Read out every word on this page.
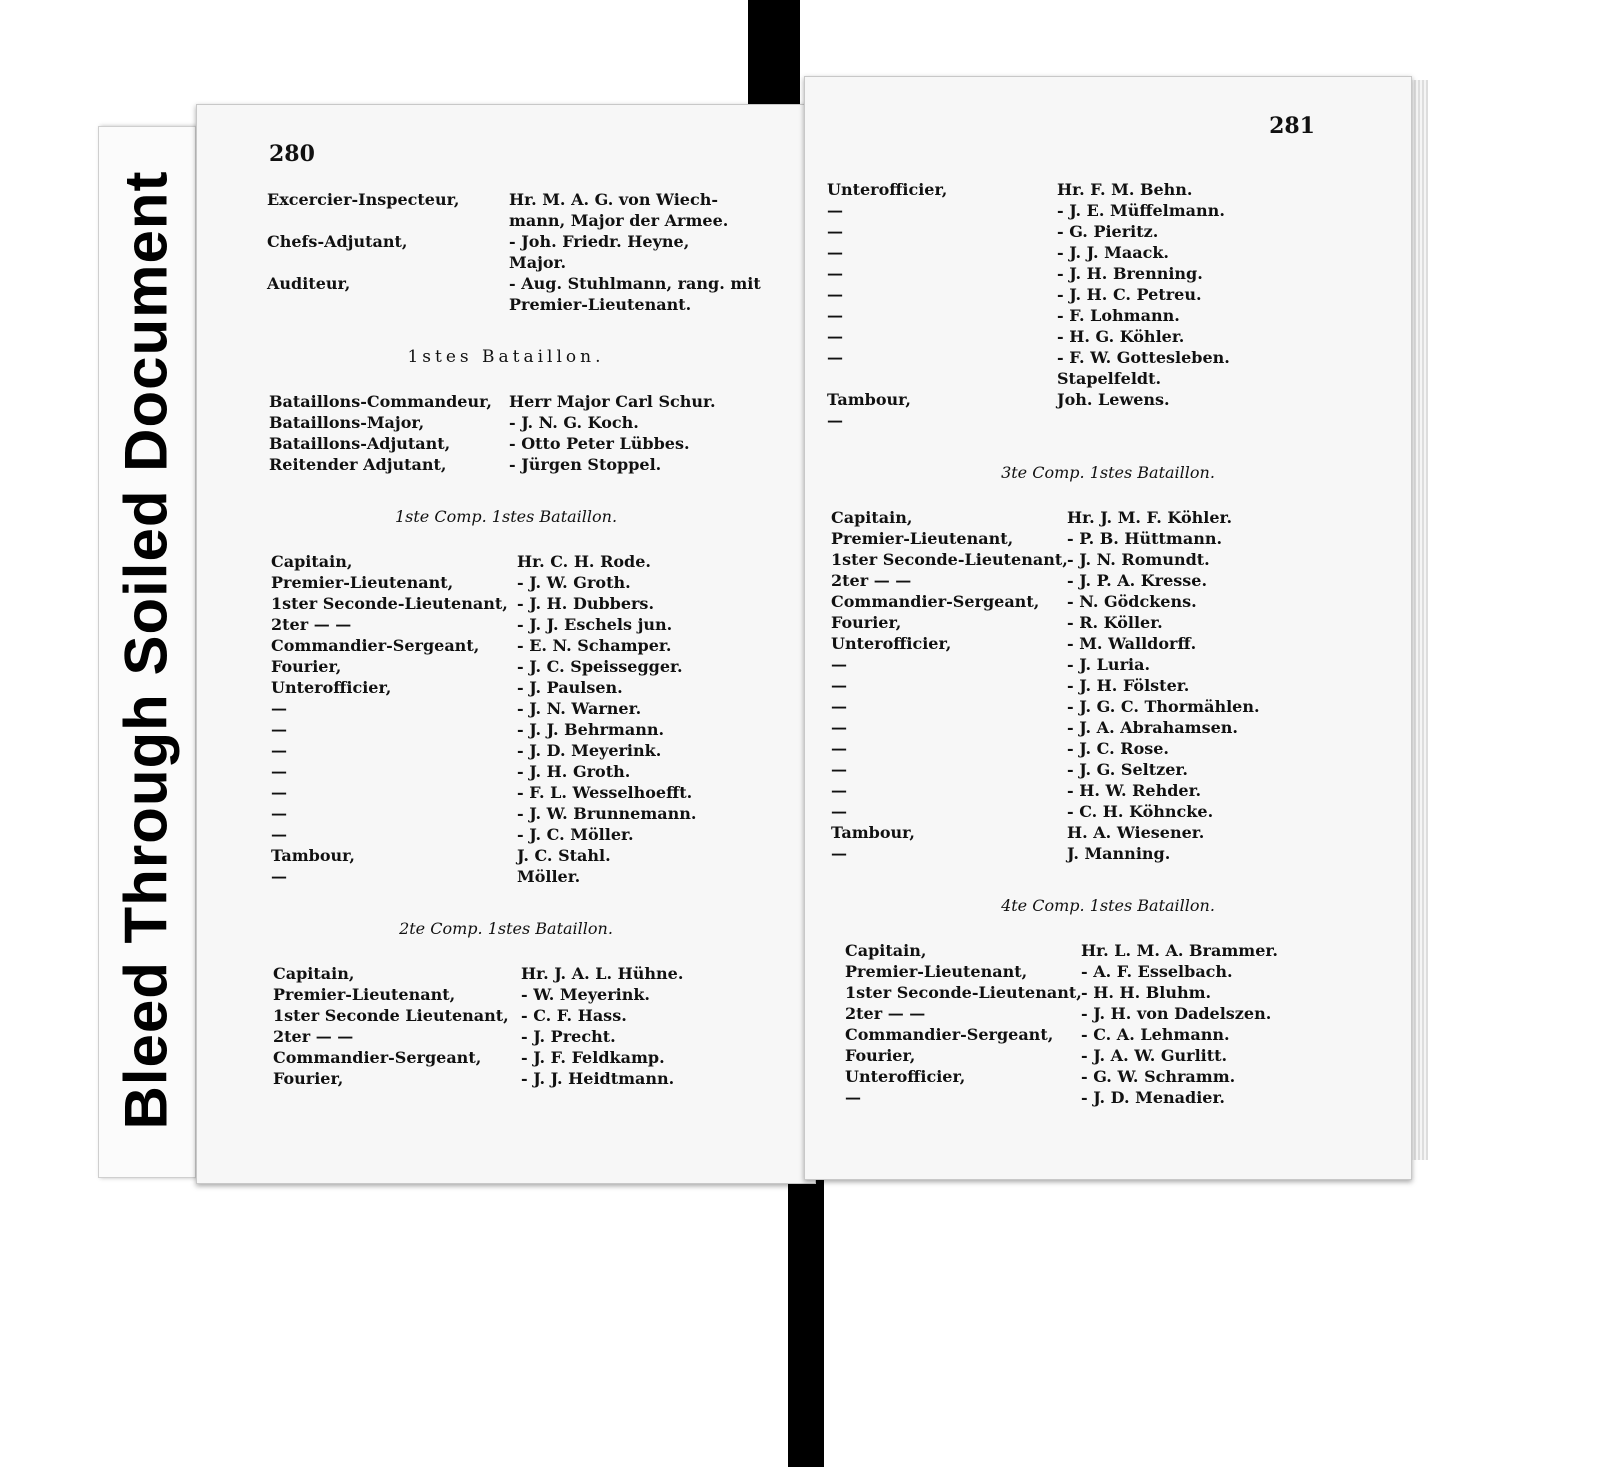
Bleed Through Soiled Document
280
Excercier-Inspecteur,	Hr. M. A. G. von Wiech-
mann, Major der Armee.
Chefs-Adjutant,	- Joh. Friedr. Heyne,
Major.
Auditeur,	- Aug. Stuhlmann, rang. mit
Premier-Lieutenant.
1stes Bataillon.
Bataillons-Commandeur, Herr Major Carl Schur.
Bataillons-Major,	- J. N. G. Koch.
Bataillons-Adjutant,	- Otto Peter Lübbes.
Reitender Adjutant,	- Jürgen Stoppel.
1ste Comp. 1stes Bataillon.
Capitain,	Hr. C. H. Rode.
Premier-Lieutenant,	- J. W. Groth.
1ster Seconde-Lieutenant, - J. H. Dubbers.
2ter — —	- J. J. Eschels jun.
Commandier-Sergeant, - E. N. Schamper.
Fourier,	- J. C. Speissegger.
Unterofficier,	- J. Paulsen.
—	- J. N. Warner.
—	- J. J. Behrmann.
—	- J. D. Meyerink.
—	- J. H. Groth.
—	- F. L. Wesselhoefft.
—	- J. W. Brunnemann.
—	- J. C. Möller.
Tambour,	J. C. Stahl.
—	Möller.
2te Comp. 1stes Bataillon.
Capitain,	Hr. J. A. L. Hühne.
Premier-Lieutenant,	- W. Meyerink.
1ster Seconde Lieutenant, - C. F. Hass.
2ter — —	- J. Precht.
Commandier-Sergeant, - J. F. Feldkamp.
Fourier,	- J. J. Heidtmann.
281
Unterofficier,	Hr. F. M. Behn.
—	- J. E. Müffelmann.
—	- G. Pieritz.
—	- J. J. Maack.
—	- J. H. Brenning.
—	- J. H. C. Petreu.
—	- F. Lohmann.
—	- H. G. Köhler.
—	- F. W. Gottesleben.
Stapelfeldt.
Tambour,	Joh. Lewens.
—
3te Comp. 1stes Bataillon.
Capitain,	Hr. J. M. F. Köhler.
Premier-Lieutenant,	- P. B. Hüttmann.
1ster Seconde-Lieutenant, - J. N. Romundt.
2ter — —	- J. P. A. Kresse.
Commandier-Sergeant, - N. Gödckens.
Fourier,	- R. Köller.
Unterofficier,	- M. Walldorff.
—	- J. Luria.
—	- J. H. Fölster.
—	- J. G. C. Thormählen.
—	- J. A. Abrahamsen.
—	- J. C. Rose.
—	- J. G. Seltzer.
—	- H. W. Rehder.
—	- C. H. Köhncke.
Tambour,	H. A. Wiesener.
—	J. Manning.
4te Comp. 1stes Bataillon.
Capitain,	Hr. L. M. A. Brammer.
Premier-Lieutenant,	- A. F. Esselbach.
1ster Seconde-Lieutenant, - H. H. Bluhm.
2ter — —	- J. H. von Dadelszen.
Commandier-Sergeant, - C. A. Lehmann.
Fourier,	- J. A. W. Gurlitt.
Unterofficier,	- G. W. Schramm.
—	- J. D. Menadier.
